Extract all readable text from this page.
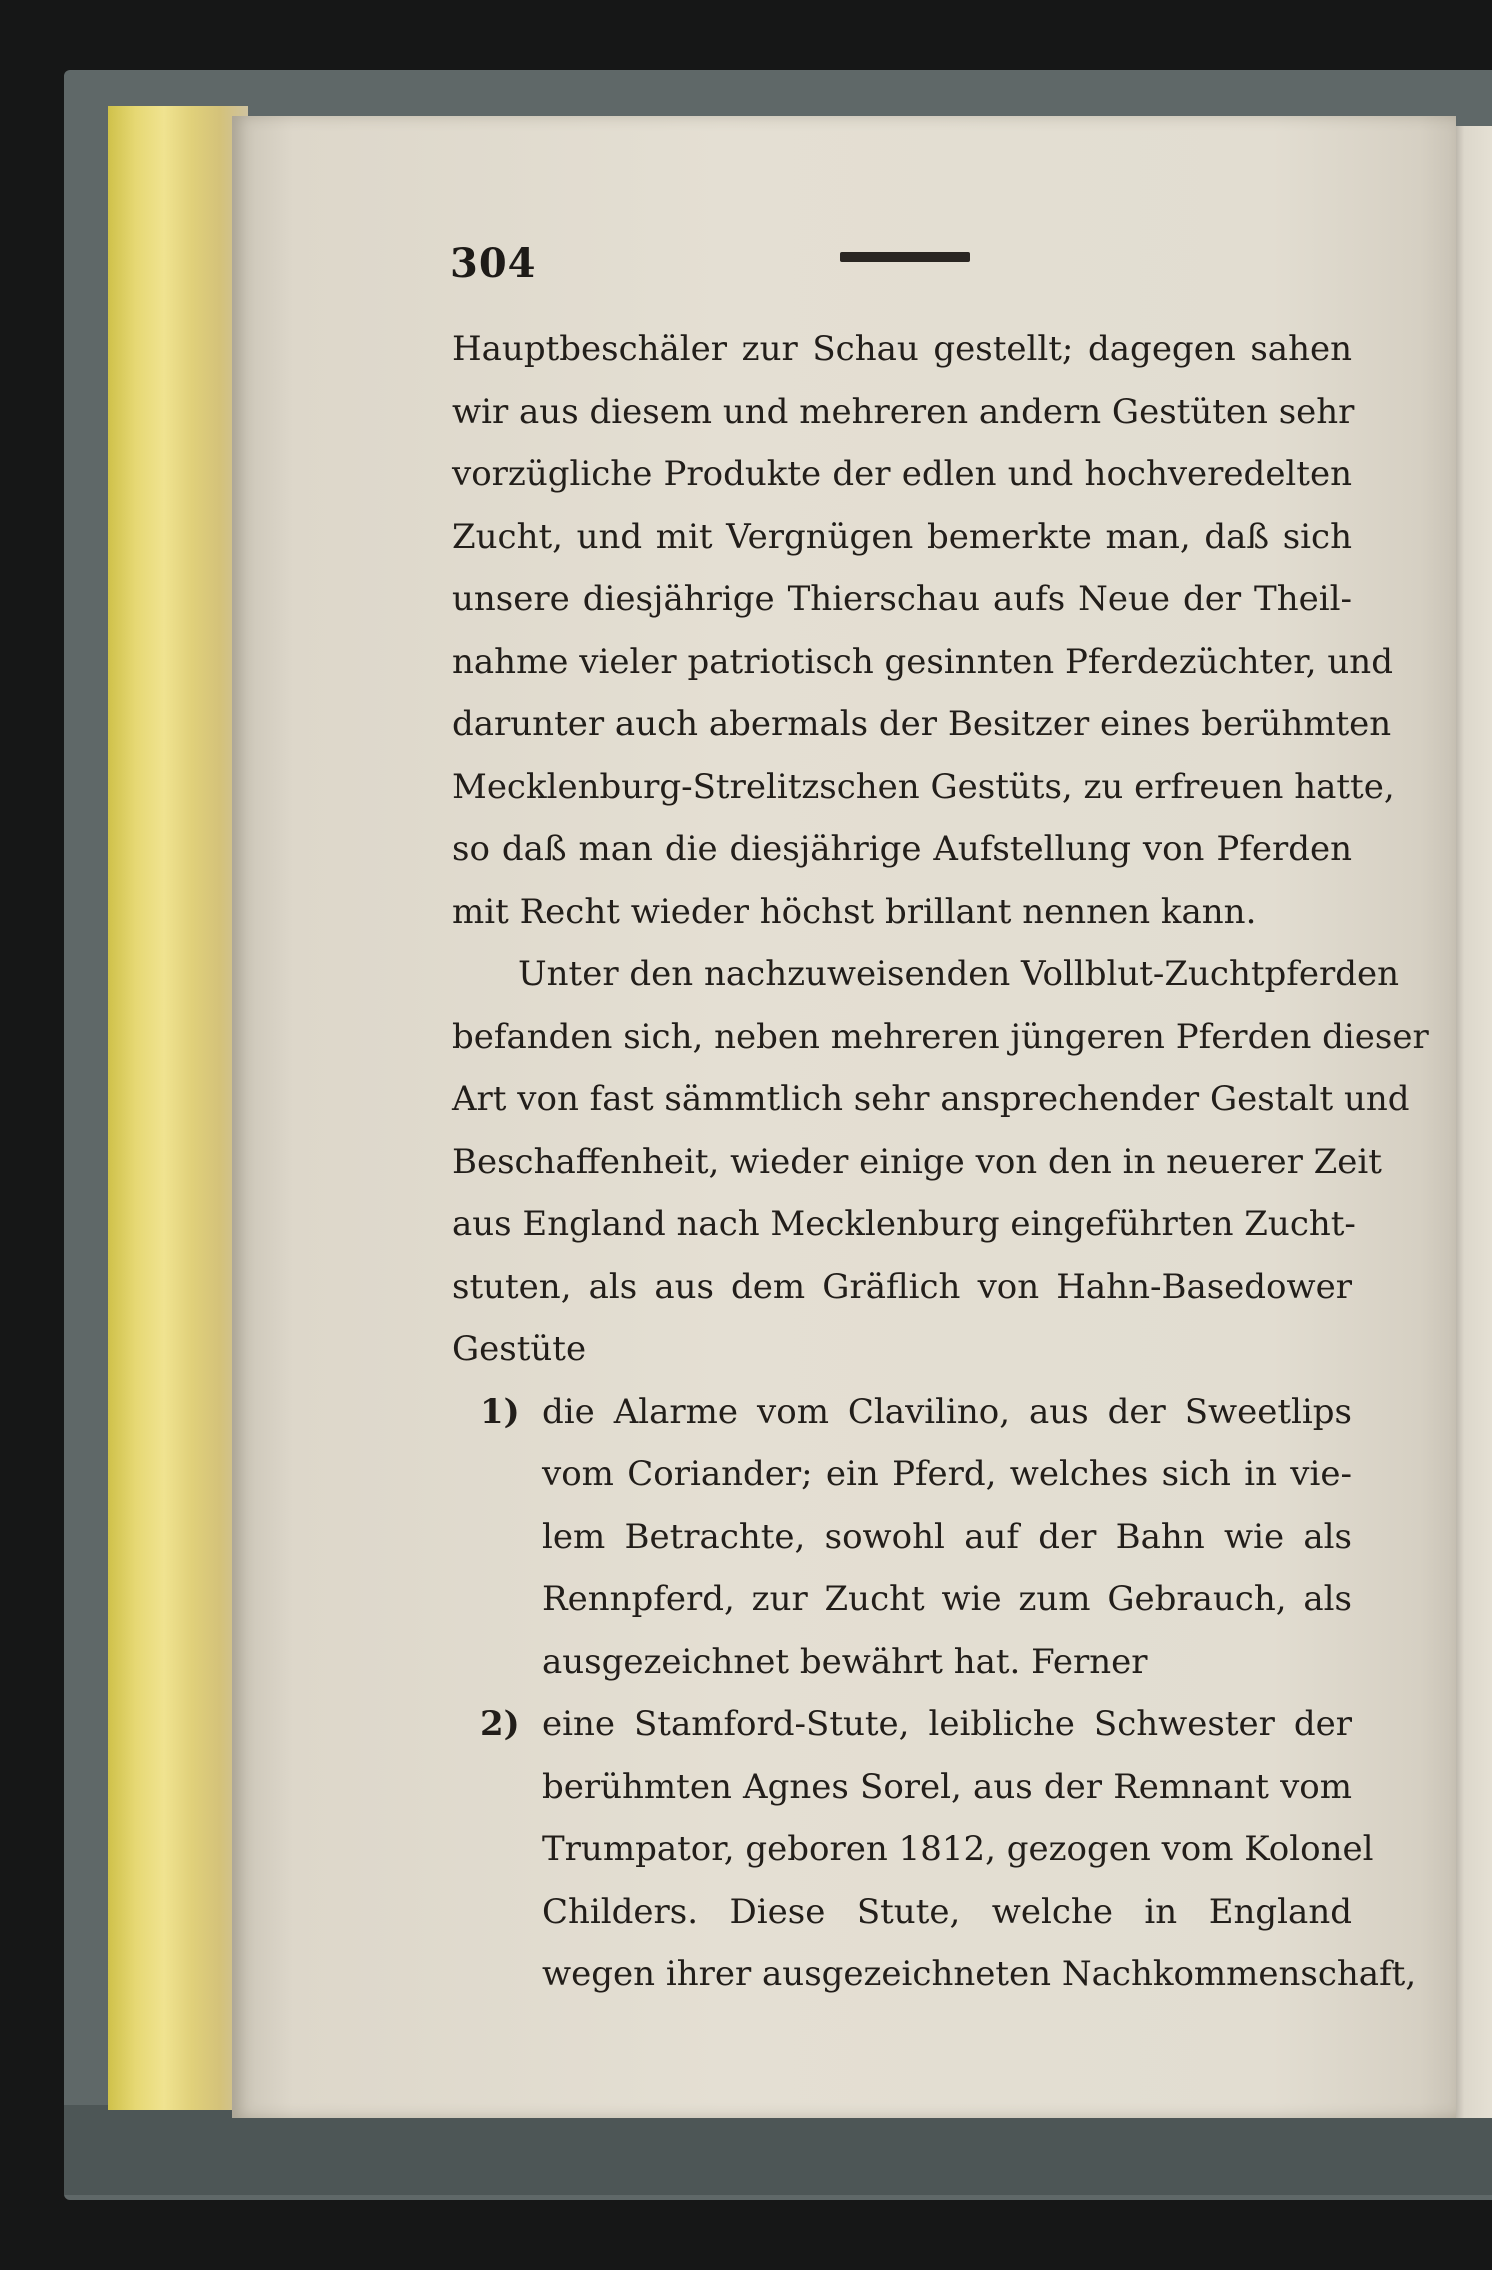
304
Hauptbeschäler zur Schau gestellt; dagegen sahen
wir aus diesem und mehreren andern Gestüten sehr
vorzügliche Produkte der edlen und hochveredelten
Zucht, und mit Vergnügen bemerkte man, daß sich
unsere diesjährige Thierschau aufs Neue der Theil-
nahme vieler patriotisch gesinnten Pferdezüchter, und
darunter auch abermals der Besitzer eines berühmten
Mecklenburg-Strelitzschen Gestüts, zu erfreuen hatte,
so daß man die diesjährige Aufstellung von Pferden
mit Recht wieder höchst brillant nennen kann.
Unter den nachzuweisenden Vollblut-Zuchtpferden
befanden sich, neben mehreren jüngeren Pferden dieser
Art von fast sämmtlich sehr ansprechender Gestalt und
Beschaffenheit, wieder einige von den in neuerer Zeit
aus England nach Mecklenburg eingeführten Zucht-
stuten, als aus dem Gräflich von Hahn-Basedower
Gestüte
1) die Alarme vom Clavilino, aus der Sweetlips
vom Coriander; ein Pferd, welches sich in vie-
lem Betrachte, sowohl auf der Bahn wie als
Rennpferd, zur Zucht wie zum Gebrauch, als
ausgezeichnet bewährt hat. Ferner
2) eine Stamford-Stute, leibliche Schwester der
berühmten Agnes Sorel, aus der Remnant vom
Trumpator, geboren 1812, gezogen vom Kolonel
Childers. Diese Stute, welche in England
wegen ihrer ausgezeichneten Nachkommenschaft,
